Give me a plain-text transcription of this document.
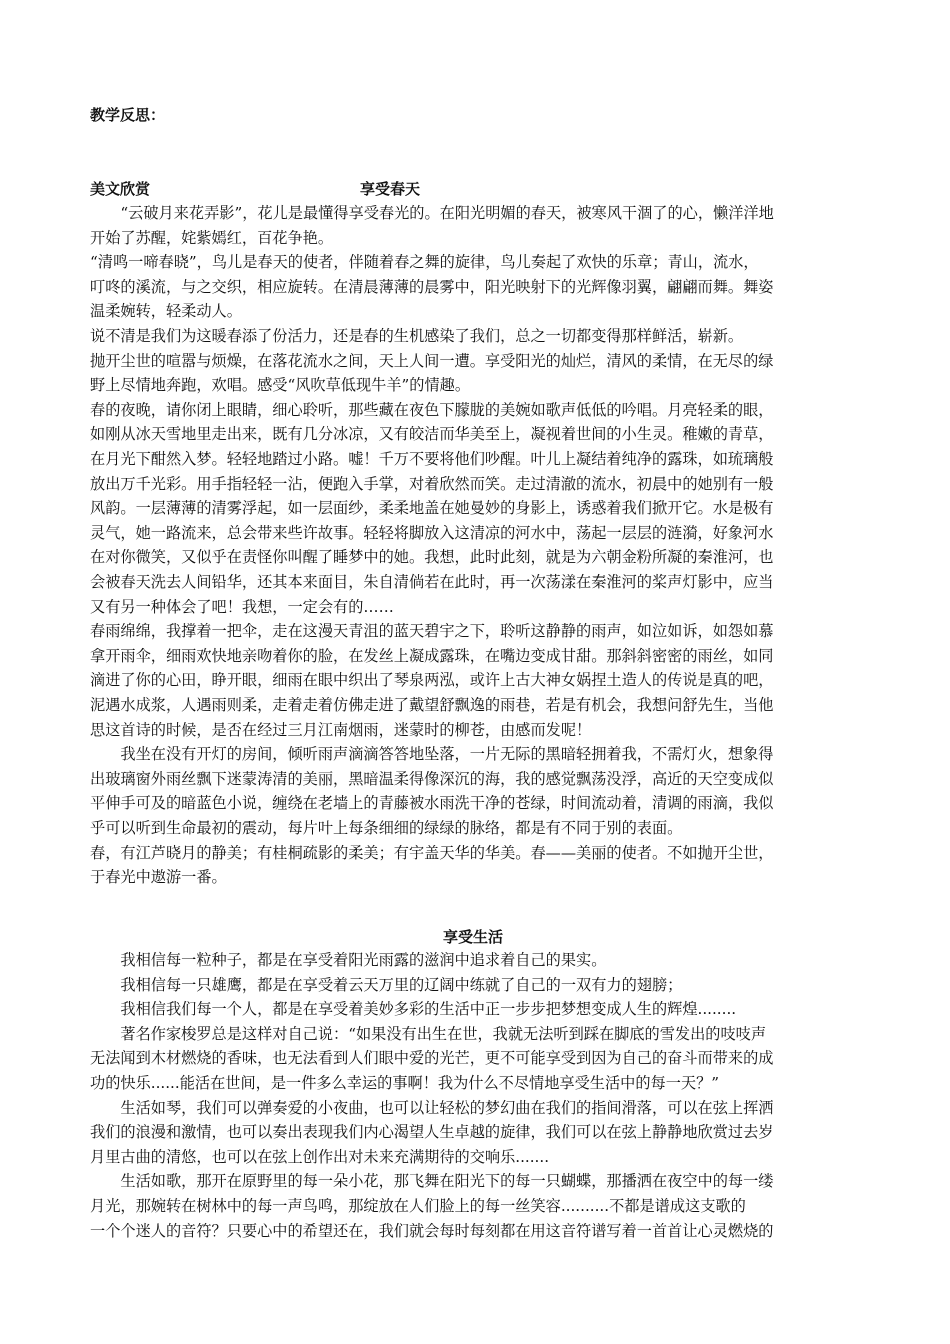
教学反思：
美文欣赏	享受春天
　　“云破月来花弄影”，花儿是最懂得享受春光的。在阳光明媚的春天，被寒风干涸了的心，懒洋洋地
开始了苏醒，姹紫嫣红，百花争艳。
“清鸣一啼春晓”，鸟儿是春天的使者，伴随着春之舞的旋律，鸟儿奏起了欢快的乐章；青山，流水，
叮咚的溪流，与之交织，相应旋转。在清晨薄薄的晨雾中，阳光映射下的光辉像羽翼，翩翩而舞。舞姿
温柔婉转，轻柔动人。
说不清是我们为这暖春添了份活力，还是春的生机感染了我们，总之一切都变得那样鲜活，崭新。
抛开尘世的喧嚣与烦燥，在落花流水之间，天上人间一遭。享受阳光的灿烂，清风的柔情，在无尽的绿
野上尽情地奔跑，欢唱。感受“风吹草低现牛羊”的情趣。
春的夜晚，请你闭上眼睛，细心聆听，那些藏在夜色下朦胧的美婉如歌声低低的吟唱。月亮轻柔的眼，
如刚从冰天雪地里走出来，既有几分冰凉，又有皎洁而华美至上，凝视着世间的小生灵。稚嫩的青草，
在月光下酣然入梦。轻轻地踏过小路。嘘！千万不要将他们吵醒。叶儿上凝结着纯净的露珠，如琉璃般
放出万千光彩。用手指轻轻一沾，便跑入手掌，对着欣然而笑。走过清澈的流水，初晨中的她别有一般
风韵。一层薄薄的清雾浮起，如一层面纱，柔柔地盖在她曼妙的身影上，诱惑着我们掀开它。水是极有
灵气，她一路流来，总会带来些许故事。轻轻将脚放入这清凉的河水中，荡起一层层的涟漪，好象河水
在对你微笑，又似乎在责怪你叫醒了睡梦中的她。我想，此时此刻，就是为六朝金粉所凝的秦淮河，也
会被春天洗去人间铅华，还其本来面目，朱自清倘若在此时，再一次荡漾在秦淮河的桨声灯影中，应当
又有另一种体会了吧！我想，一定会有的……
春雨绵绵，我撑着一把伞，走在这漫天青沮的蓝天碧宇之下，聆听这静静的雨声，如泣如诉，如怨如慕
拿开雨伞，细雨欢快地亲吻着你的脸，在发丝上凝成露珠，在嘴边变成甘甜。那斜斜密密的雨丝，如同
滴进了你的心田，睁开眼，细雨在眼中织出了琴泉两泓，或许上古大神女娲捏土造人的传说是真的吧，
泥遇水成浆，人遇雨则柔，走着走着仿佛走进了戴望舒飘逸的雨巷，若是有机会，我想问舒先生，当他
思这首诗的时候，是否在经过三月江南烟雨，迷蒙时的柳苍，由感而发呢！
　　我坐在没有开灯的房间，倾听雨声滴滴答答地坠落，一片无际的黑暗轻拥着我，不需灯火，想象得
出玻璃窗外雨丝飘下迷蒙涛清的美丽，黑暗温柔得像深沉的海，我的感觉飘荡没浮，高近的天空变成似
平伸手可及的暗蓝色小说，缠绕在老墙上的青藤被水雨洗干净的苍绿，时间流动着，清调的雨滴，我似
乎可以听到生命最初的震动，每片叶上每条细细的绿绿的脉络，都是有不同于别的表面。
春，有江芦晓月的静美；有桂桐疏影的柔美；有宇盖天华的华美。春——美丽的使者。不如抛开尘世，
于春光中遨游一番。
享受生活
　　我相信每一粒种子，都是在享受着阳光雨露的滋润中追求着自己的果实。
　　我相信每一只雄鹰，都是在享受着云天万里的辽阔中练就了自己的一双有力的翅膀；
　　我相信我们每一个人，都是在享受着美妙多彩的生活中正一步步把梦想变成人生的辉煌........
　　著名作家梭罗总是这样对自己说：“如果没有出生在世，我就无法听到踩在脚底的雪发出的吱吱声
无法闻到木材燃烧的香味，也无法看到人们眼中爱的光芒，更不可能享受到因为自己的奋斗而带来的成
功的快乐......能活在世间，是一件多么幸运的事啊！我为什么不尽情地享受生活中的每一天？”
　　生活如琴，我们可以弹奏爱的小夜曲，也可以让轻松的梦幻曲在我们的指间滑落，可以在弦上挥洒
我们的浪漫和激情，也可以奏出表现我们内心渴望人生卓越的旋律，我们可以在弦上静静地欣赏过去岁
月里古曲的清悠，也可以在弦上创作出对未来充满期待的交响乐.......
　　生活如歌，那开在原野里的每一朵小花，那飞舞在阳光下的每一只蝴蝶，那播洒在夜空中的每一缕
月光，那婉转在树林中的每一声鸟鸣，那绽放在人们脸上的每一丝笑容..........不都是谱成这支歌的
一个个迷人的音符？只要心中的希望还在，我们就会每时每刻都在用这音符谱写着一首首让心灵燃烧的
